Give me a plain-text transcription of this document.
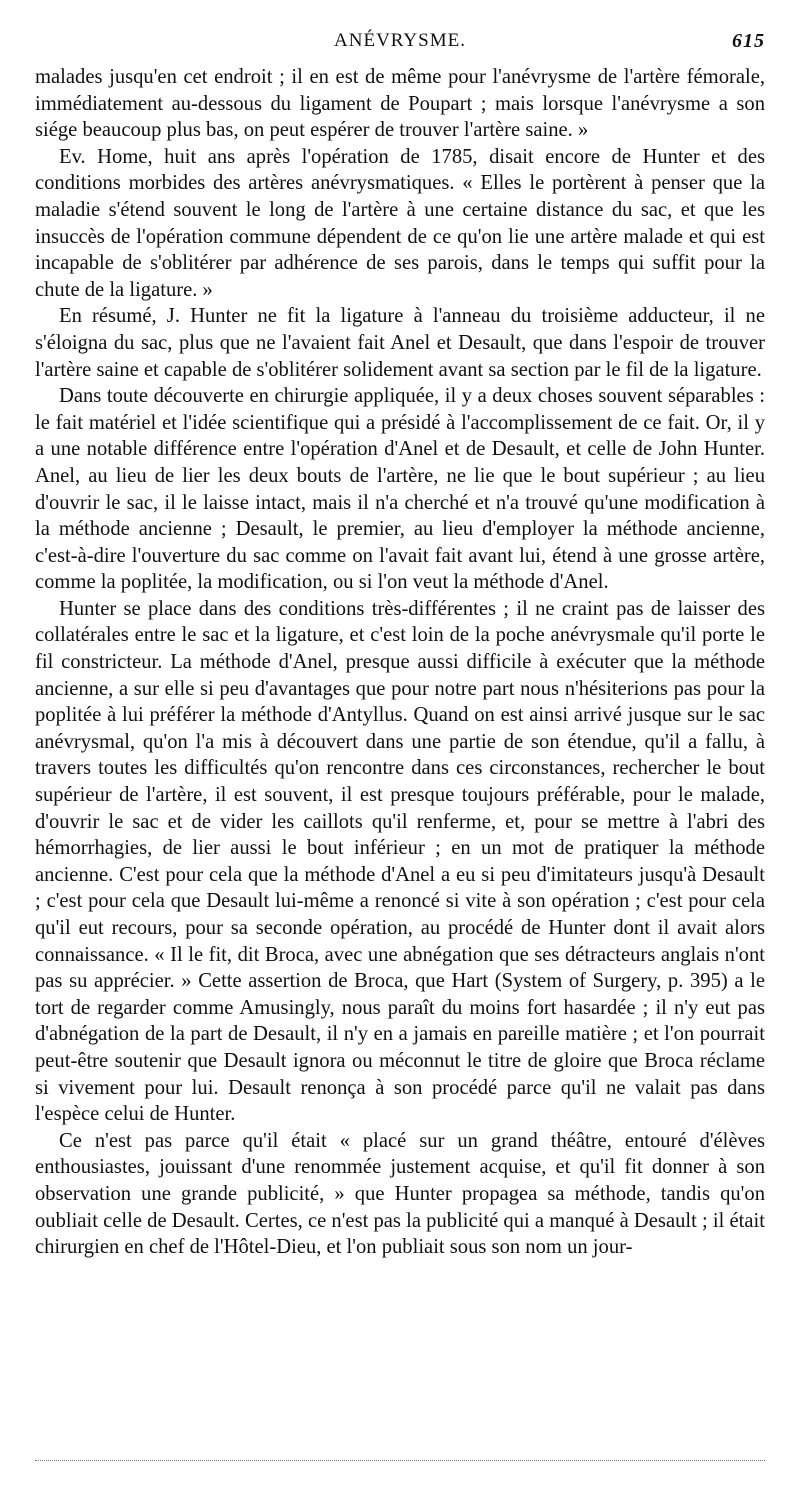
ANÉVRYSME.	615

malades jusqu'en cet endroit ; il en est de même pour l'anévrysme de l'artère fémorale, immédiatement au-dessous du ligament de Poupart ; mais lorsque l'anévrysme a son siége beaucoup plus bas, on peut espérer de trouver l'artère saine. »

Ev. Home, huit ans après l'opération de 1785, disait encore de Hunter et des conditions morbides des artères anévrysmatiques. « Elles le portèrent à penser que la maladie s'étend souvent le long de l'artère à une certaine distance du sac, et que les insuccès de l'opération commune dépendent de ce qu'on lie une artère malade et qui est incapable de s'oblitérer par adhérence de ses parois, dans le temps qui suffit pour la chute de la ligature. »

En résumé, J. Hunter ne fit la ligature à l'anneau du troisième adducteur, il ne s'éloigna du sac, plus que ne l'avaient fait Anel et Desault, que dans l'espoir de trouver l'artère saine et capable de s'oblitérer solidement avant sa section par le fil de la ligature.

Dans toute découverte en chirurgie appliquée, il y a deux choses souvent séparables : le fait matériel et l'idée scientifique qui a présidé à l'accomplissement de ce fait. Or, il y a une notable différence entre l'opération d'Anel et de Desault, et celle de John Hunter. Anel, au lieu de lier les deux bouts de l'artère, ne lie que le bout supérieur ; au lieu d'ouvrir le sac, il le laisse intact, mais il n'a cherché et n'a trouvé qu'une modification à la méthode ancienne ; Desault, le premier, au lieu d'employer la méthode ancienne, c'est-à-dire l'ouverture du sac comme on l'avait fait avant lui, étend à une grosse artère, comme la poplitée, la modification, ou si l'on veut la méthode d'Anel.

Hunter se place dans des conditions très-différentes ; il ne craint pas de laisser des collatérales entre le sac et la ligature, et c'est loin de la poche anévrysmale qu'il porte le fil constricteur. La méthode d'Anel, presque aussi difficile à exécuter que la méthode ancienne, a sur elle si peu d'avantages que pour notre part nous n'hésiterions pas pour la poplitée à lui préférer la méthode d'Antyllus. Quand on est ainsi arrivé jusque sur le sac anévrysmal, qu'on l'a mis à découvert dans une partie de son étendue, qu'il a fallu, à travers toutes les difficultés qu'on rencontre dans ces circonstances, rechercher le bout supérieur de l'artère, il est souvent, il est presque toujours préférable, pour le malade, d'ouvrir le sac et de vider les caillots qu'il renferme, et, pour se mettre à l'abri des hémorrhagies, de lier aussi le bout inférieur ; en un mot de pratiquer la méthode ancienne. C'est pour cela que la méthode d'Anel a eu si peu d'imitateurs jusqu'à Desault ; c'est pour cela que Desault lui-même a renoncé si vite à son opération ; c'est pour cela qu'il eut recours, pour sa seconde opération, au procédé de Hunter dont il avait alors connaissance. « Il le fit, dit Broca, avec une abnégation que ses détracteurs anglais n'ont pas su apprécier. » Cette assertion de Broca, que Hart (System of Surgery, p. 395) a le tort de regarder comme Amusingly, nous paraît du moins fort hasardée ; il n'y eut pas d'abnégation de la part de Desault, il n'y en a jamais en pareille matière ; et l'on pourrait peut-être soutenir que Desault ignora ou méconnut le titre de gloire que Broca réclame si vivement pour lui. Desault renonça à son procédé parce qu'il ne valait pas dans l'espèce celui de Hunter.

Ce n'est pas parce qu'il était « placé sur un grand théâtre, entouré d'élèves enthousiastes, jouissant d'une renommée justement acquise, et qu'il fit donner à son observation une grande publicité, » que Hunter propagea sa méthode, tandis qu'on oubliait celle de Desault. Certes, ce n'est pas la publicité qui a manqué à Desault ; il était chirurgien en chef de l'Hôtel-Dieu, et l'on publiait sous son nom un jour-
